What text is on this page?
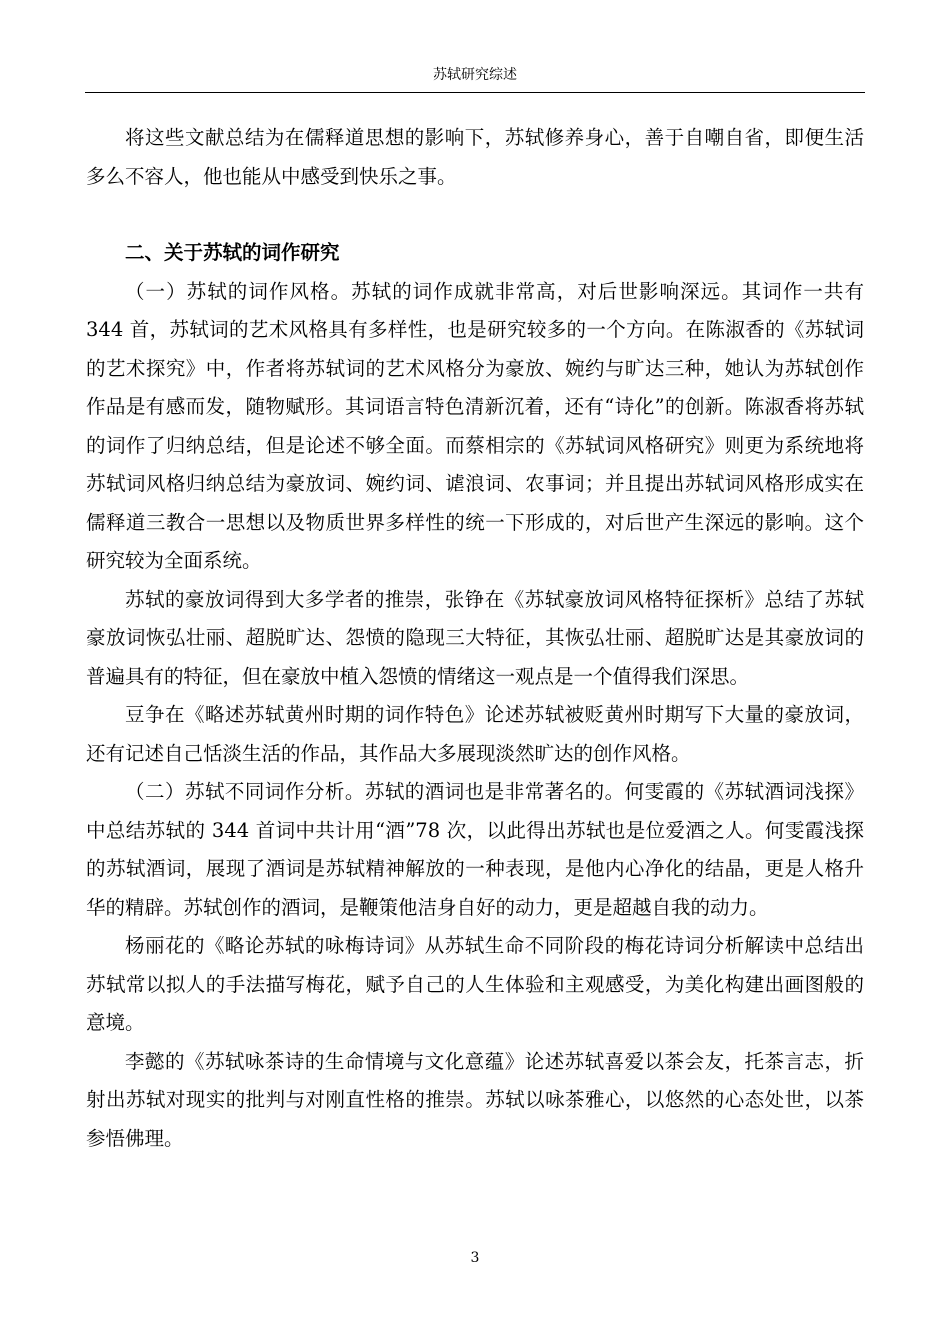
苏轼研究综述

将这些文献总结为在儒释道思想的影响下，苏轼修养身心，善于自嘲自省，即便生活多么不容人，他也能从中感受到快乐之事。

二、关于苏轼的词作研究

（一）苏轼的词作风格。苏轼的词作成就非常高，对后世影响深远。其词作一共有 344 首，苏轼词的艺术风格具有多样性，也是研究较多的一个方向。在陈淑香的《苏轼词的艺术探究》中，作者将苏轼词的艺术风格分为豪放、婉约与旷达三种，她认为苏轼创作作品是有感而发，随物赋形。其词语言特色清新沉着，还有“诗化”的创新。陈淑香将苏轼的词作了归纳总结，但是论述不够全面。而蔡相宗的《苏轼词风格研究》则更为系统地将苏轼词风格归纳总结为豪放词、婉约词、谑浪词、农事词；并且提出苏轼词风格形成实在儒释道三教合一思想以及物质世界多样性的统一下形成的，对后世产生深远的影响。这个研究较为全面系统。

苏轼的豪放词得到大多学者的推崇，张铮在《苏轼豪放词风格特征探析》总结了苏轼豪放词恢弘壮丽、超脱旷达、怨愤的隐现三大特征，其恢弘壮丽、超脱旷达是其豪放词的普遍具有的特征，但在豪放中植入怨愤的情绪这一观点是一个值得我们深思。

豆争在《略述苏轼黄州时期的词作特色》论述苏轼被贬黄州时期写下大量的豪放词，还有记述自己恬淡生活的作品，其作品大多展现淡然旷达的创作风格。

（二）苏轼不同词作分析。苏轼的酒词也是非常著名的。何雯霞的《苏轼酒词浅探》中总结苏轼的 344 首词中共计用“酒”78 次，以此得出苏轼也是位爱酒之人。何雯霞浅探的苏轼酒词，展现了酒词是苏轼精神解放的一种表现，是他内心净化的结晶，更是人格升华的精辟。苏轼创作的酒词，是鞭策他洁身自好的动力，更是超越自我的动力。

杨丽花的《略论苏轼的咏梅诗词》从苏轼生命不同阶段的梅花诗词分析解读中总结出苏轼常以拟人的手法描写梅花，赋予自己的人生体验和主观感受，为美化构建出画图般的意境。

李懿的《苏轼咏茶诗的生命情境与文化意蕴》论述苏轼喜爱以茶会友，托茶言志，折射出苏轼对现实的批判与对刚直性格的推崇。苏轼以咏茶雅心，以悠然的心态处世，以茶参悟佛理。

3
